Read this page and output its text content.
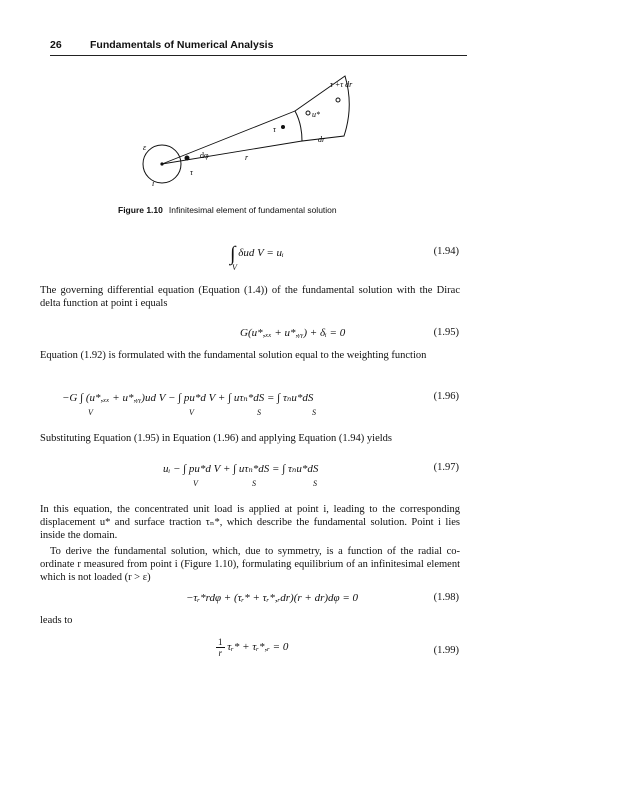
26	Fundamentals of Numerical Analysis
ε
i
dφ	r
dr
τ
τ
u*
τ +τ dr
Figure 1.10 Infinitesimal element of fundamental solution
∫ δud V = uᵢ
V
(1.94)
The governing differential equation (Equation (1.4)) of the fundamental solution with the Dirac delta function at point i equals
G(u*,ₓₓ + u*,ᵧᵧ) + δᵢ = 0	(1.95)
Equation (1.92) is formulated with the fundamental solution equal to the weighting function
−G ∫ (u*,ₓₓ + u*,ᵧᵧ)ud V − ∫ pu*d V + ∫ uτₙ*dS = ∫ τₙu*dS
V	V	S	S
(1.96)
Substituting Equation (1.95) in Equation (1.96) and applying Equation (1.94) yields
uᵢ − ∫ pu*d V + ∫ uτₙ*dS = ∫ τₙu*dS
V	S	S
(1.97)
In this equation, the concentrated unit load is applied at point i, leading to the corresponding displacement u* and surface traction τₙ*, which describe the fundamental solution. Point i lies inside the domain.
To derive the fundamental solution, which, due to symmetry, is a function of the radial co-ordinate r measured from point i (Figure 1.10), formulating equilibrium of an infinitesimal element which is not loaded (r > ε)
−τᵣ*rdφ + (τᵣ* + τᵣ*,ᵣdr)(r + dr)dφ = 0	(1.98)
leads to
$\frac{1}{r}$ τᵣ* + τᵣ*,ᵣ = 0	(1.99)
